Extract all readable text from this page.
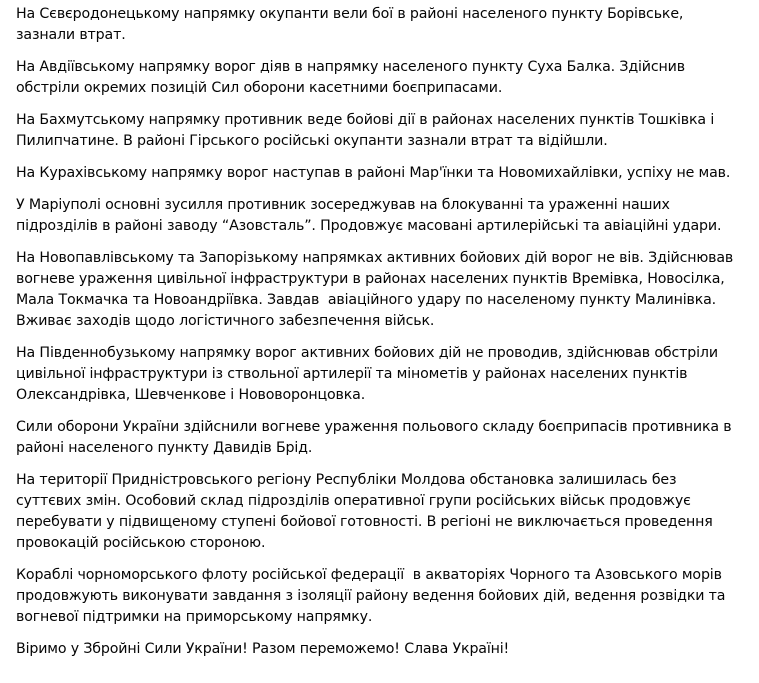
На Сєвєродонецькому напрямку окупанти вели бої в районі населеного пункту Борівське, зазнали втрат.

На Авдіївському напрямку ворог діяв в напрямку населеного пункту Суха Балка. Здійснив обстріли окремих позицій Сил оборони касетними боєприпасами.

На Бахмутському напрямку противник веде бойові дії в районах населених пунктів Тошківка і Пилипчатине. В районі Гірського російські окупанти зазнали втрат та відійшли.

На Курахівському напрямку ворог наступав в районі Мар'їнки та Новомихайлівки, успіху не мав.

У Маріуполі основні зусилля противник зосереджував на блокуванні та ураженні наших підрозділів в районі заводу “Азовсталь”. Продовжує масовані артилерійські та авіаційні удари.

На Новопавлівському та Запорізькому напрямках активних бойових дій ворог не вів. Здійснював вогневе ураження цивільної інфраструктури в районах населених пунктів Времівка, Новосілка, Мала Токмачка та Новоандріївка. Завдав  авіаційного удару по населеному пункту Малинівка. Вживає заходів щодо логістичного забезпечення військ.

На Південнобузькому напрямку ворог активних бойових дій не проводив, здійснював обстріли цивільної інфраструктури із ствольної артилерії та мінометів у районах населених пунктів Олександрівка, Шевченкове і Нововоронцовка.

Сили оборони України здійснили вогневе ураження польового складу боєприпасів противника в районі населеного пункту Давидів Брід.

На території Придністровського регіону Республіки Молдова обстановка залишилась без суттєвих змін. Особовий склад підрозділів оперативної групи російських військ продовжує перебувати у підвищеному ступені бойової готовності. В регіоні не виключається проведення провокацій російською стороною.

Кораблі чорноморського флоту російської федерації  в акваторіях Чорного та Азовського морів продовжують виконувати завдання з ізоляції району ведення бойових дій, ведення розвідки та вогневої підтримки на приморському напрямку.

Віримо у Збройні Сили України! Разом переможемо! Слава Україні!
